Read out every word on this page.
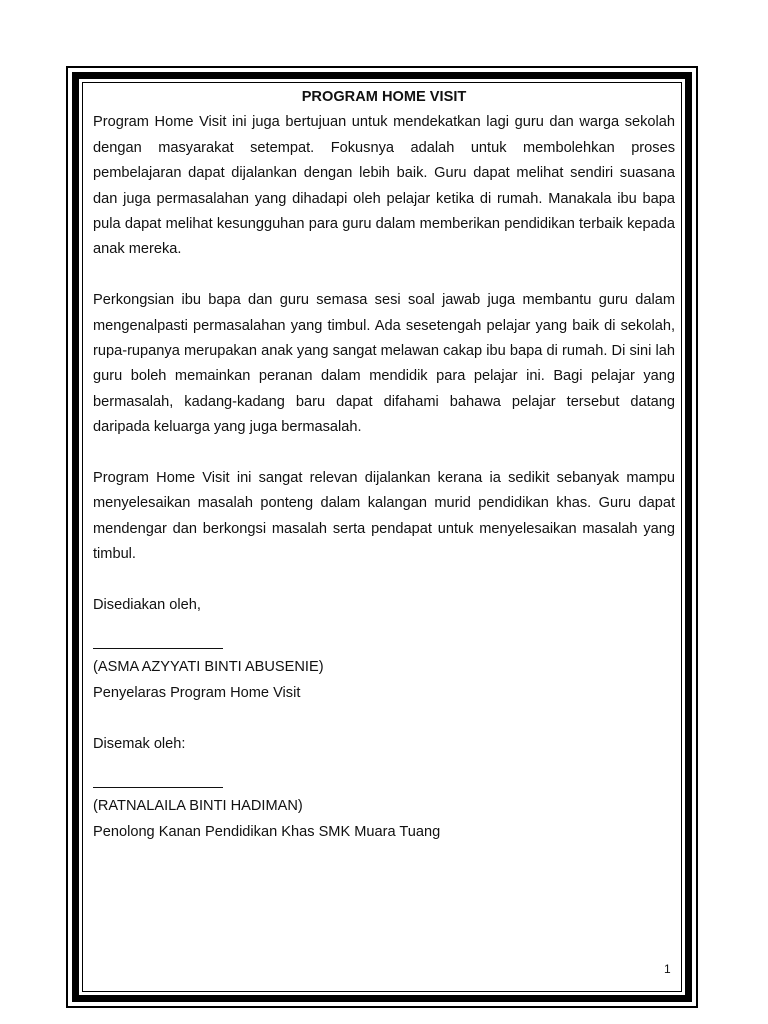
PROGRAM HOME VISIT

Program Home Visit ini juga bertujuan untuk mendekatkan lagi guru dan warga sekolah dengan masyarakat setempat. Fokusnya adalah untuk membolehkan proses pembelajaran dapat dijalankan dengan lebih baik. Guru dapat melihat sendiri suasana dan juga permasalahan yang dihadapi oleh pelajar ketika di rumah. Manakala ibu bapa pula dapat melihat kesungguhan para guru dalam memberikan pendidikan terbaik kepada anak mereka.

Perkongsian ibu bapa dan guru semasa sesi soal jawab juga membantu guru dalam mengenalpasti permasalahan yang timbul. Ada sesetengah pelajar yang baik di sekolah, rupa-rupanya merupakan anak yang sangat melawan cakap ibu bapa di rumah. Di sini lah guru boleh memainkan peranan dalam mendidik para pelajar ini. Bagi pelajar yang bermasalah, kadang-kadang baru dapat difahami bahawa pelajar tersebut datang daripada keluarga yang juga bermasalah.

Program Home Visit ini sangat relevan dijalankan kerana ia sedikit sebanyak mampu menyelesaikan masalah ponteng dalam kalangan murid pendidikan khas. Guru dapat mendengar dan berkongsi masalah serta pendapat untuk menyelesaikan masalah yang timbul.

Disediakan oleh,

(ASMA AZYYATI BINTI ABUSENIE)

Penyelaras Program Home Visit

Disemak oleh:

(RATNALAILA BINTI HADIMAN)

Penolong Kanan Pendidikan Khas SMK Muara Tuang

1
